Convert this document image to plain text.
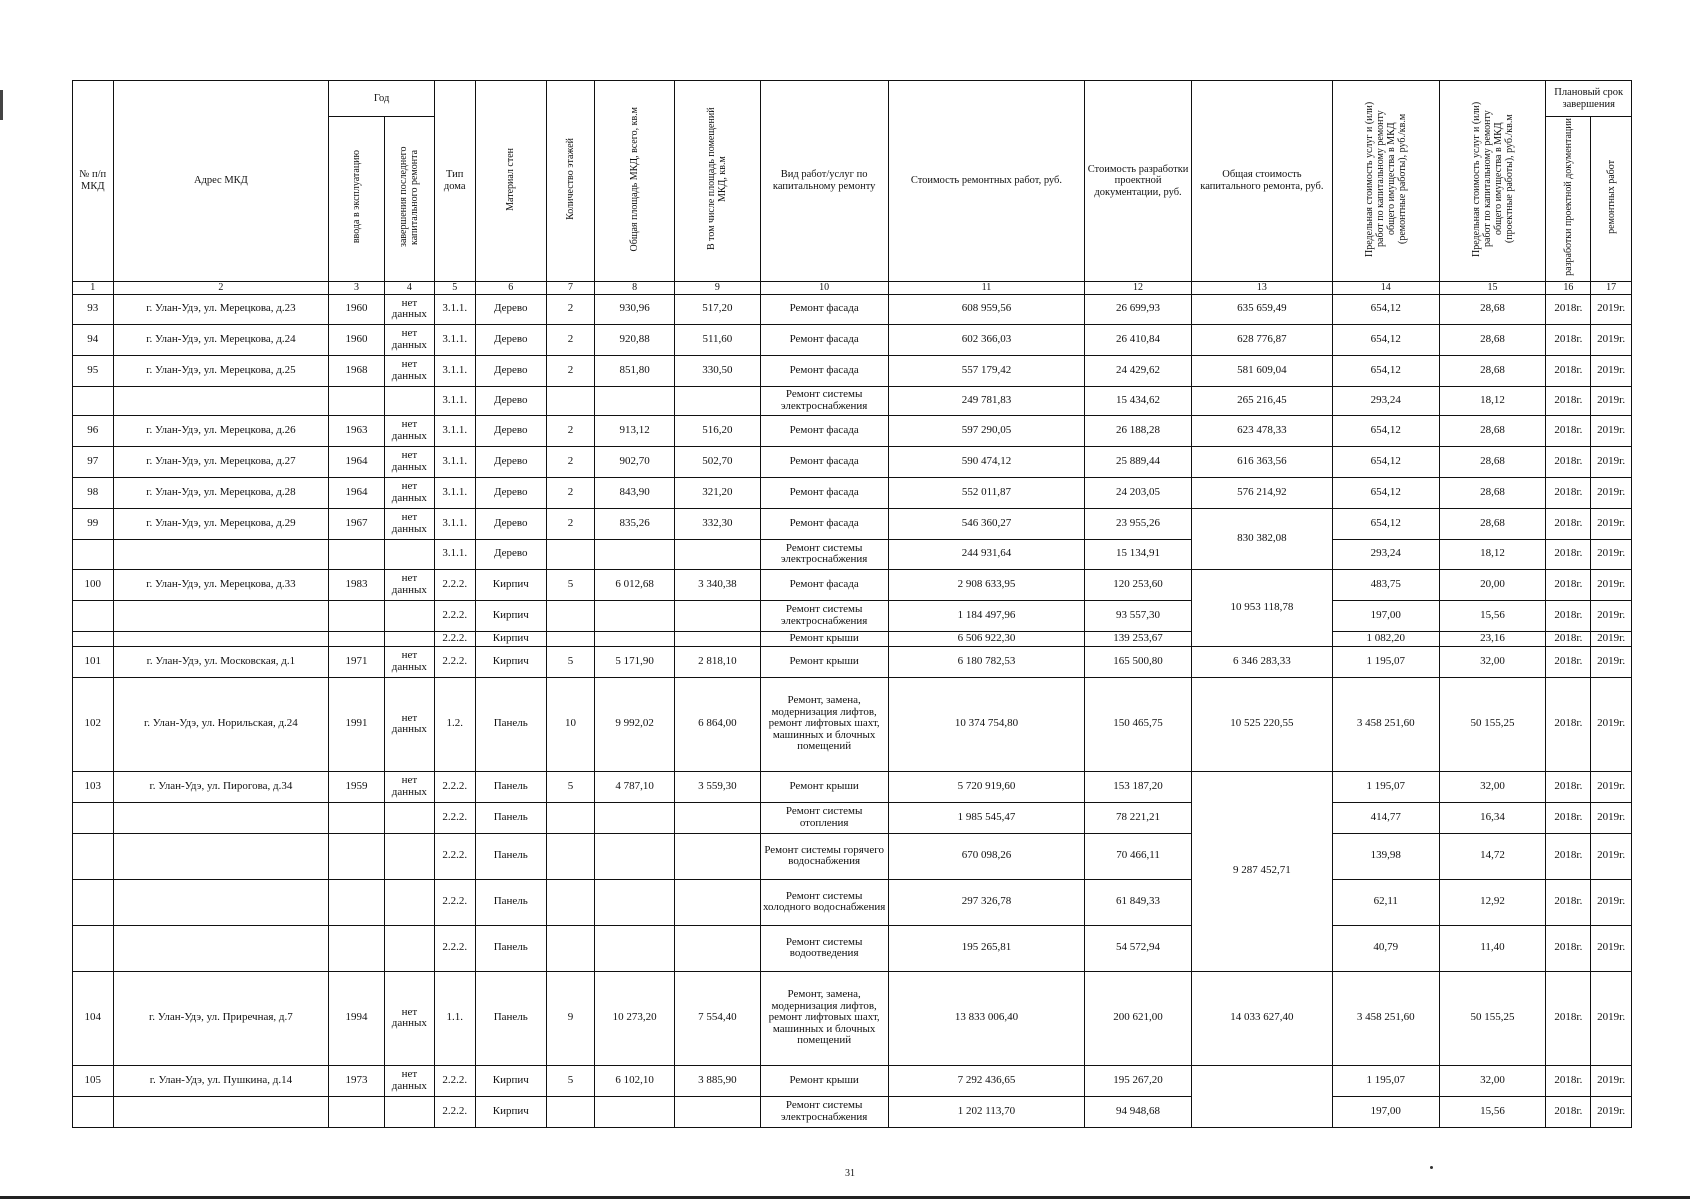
№ п/п МКД	Адрес МКД	Год		Тип дома	Материал стен	Количество этажей	Общая площадь МКД, всего, кв.м	В том числе площадь помещений МКД, кв.м	Вид работ/услуг по капитальному ремонту	Стоимость ремонтных работ, руб.	Стоимость разработки проектной документации, руб.	Общая стоимость капитального ремонта, руб.	Предельная стоимость услуг и (или) работ по капитальному ремонту общего имущества в МКД (ремонтные работы), руб./кв.м	Предельная стоимость услуг и (или) работ по капитальному ремонту общего имущества в МКД (проектные работы), руб./кв.м	Плановый срок завершения	
		ввода в эксплуатацию	завершения последнего капитального ремонта												разработки проектной документации	ремонтных работ
1	2	3	4	5	6	7	8	9	10	11	12	13	14	15	16	17
93	г. Улан-Удэ, ул. Мерецкова, д.23	1960	нет данных	3.1.1.	Дерево	2	930,96	517,20	Ремонт фасада	608 959,56	26 699,93	635 659,49	654,12	28,68	2018г.	2019г.
94	г. Улан-Удэ, ул. Мерецкова, д.24	1960	нет данных	3.1.1.	Дерево	2	920,88	511,60	Ремонт фасада	602 366,03	26 410,84	628 776,87	654,12	28,68	2018г.	2019г.
95	г. Улан-Удэ, ул. Мерецкова, д.25	1968	нет данных	3.1.1.	Дерево	2	851,80	330,50	Ремонт фасада	557 179,42	24 429,62	581 609,04	654,12	28,68	2018г.	2019г.
				3.1.1.	Дерево				Ремонт системы электроснабжения	249 781,83	15 434,62	265 216,45	293,24	18,12	2018г.	2019г.
96	г. Улан-Удэ, ул. Мерецкова, д.26	1963	нет данных	3.1.1.	Дерево	2	913,12	516,20	Ремонт фасада	597 290,05	26 188,28	623 478,33	654,12	28,68	2018г.	2019г.
97	г. Улан-Удэ, ул. Мерецкова, д.27	1964	нет данных	3.1.1.	Дерево	2	902,70	502,70	Ремонт фасада	590 474,12	25 889,44	616 363,56	654,12	28,68	2018г.	2019г.
98	г. Улан-Удэ, ул. Мерецкова, д.28	1964	нет данных	3.1.1.	Дерево	2	843,90	321,20	Ремонт фасада	552 011,87	24 203,05	576 214,92	654,12	28,68	2018г.	2019г.
99	г. Улан-Удэ, ул. Мерецкова, д.29	1967	нет данных	3.1.1.	Дерево	2	835,26	332,30	Ремонт фасада	546 360,27	23 955,26	830 382,08	654,12	28,68	2018г.	2019г.
				3.1.1.	Дерево				Ремонт системы электроснабжения	244 931,64	15 134,91		293,24	18,12	2018г.	2019г.
100	г. Улан-Удэ, ул. Мерецкова, д.33	1983	нет данных	2.2.2.	Кирпич	5	6 012,68	3 340,38	Ремонт фасада	2 908 633,95	120 253,60	10 953 118,78	483,75	20,00	2018г.	2019г.
				2.2.2.	Кирпич				Ремонт системы электроснабжения	1 184 497,96	93 557,30		197,00	15,56	2018г.	2019г.
				2.2.2.	Кирпич				Ремонт крыши	6 506 922,30	139 253,67		1 082,20	23,16	2018г.	2019г.
101	г. Улан-Удэ, ул. Московская, д.1	1971	нет данных	2.2.2.	Кирпич	5	5 171,90	2 818,10	Ремонт крыши	6 180 782,53	165 500,80	6 346 283,33	1 195,07	32,00	2018г.	2019г.
102	г. Улан-Удэ, ул. Норильская, д.24	1991	нет данных	1.2.	Панель	10	9 992,02	6 864,00	Ремонт, замена, модернизация лифтов, ремонт лифтовых шахт, машинных и блочных помещений	10 374 754,80	150 465,75	10 525 220,55	3 458 251,60	50 155,25	2018г.	2019г.
103	г. Улан-Удэ, ул. Пирогова, д.34	1959	нет данных	2.2.2.	Панель	5	4 787,10	3 559,30	Ремонт крыши	5 720 919,60	153 187,20	9 287 452,71	1 195,07	32,00	2018г.	2019г.
				2.2.2.	Панель				Ремонт системы отопления	1 985 545,47	78 221,21		414,77	16,34	2018г.	2019г.
				2.2.2.	Панель				Ремонт системы горячего водоснабжения	670 098,26	70 466,11		139,98	14,72	2018г.	2019г.
				2.2.2.	Панель				Ремонт системы холодного водоснабжения	297 326,78	61 849,33		62,11	12,92	2018г.	2019г.
				2.2.2.	Панель				Ремонт системы водоотведения	195 265,81	54 572,94		40,79	11,40	2018г.	2019г.
104	г. Улан-Удэ, ул. Приречная, д.7	1994	нет данных	1.1.	Панель	9	10 273,20	7 554,40	Ремонт, замена, модернизация лифтов, ремонт лифтовых шахт, машинных и блочных помещений	13 833 006,40	200 621,00	14 033 627,40	3 458 251,60	50 155,25	2018г.	2019г.
105	г. Улан-Удэ, ул. Пушкина, д.14	1973	нет данных	2.2.2.	Кирпич	5	6 102,10	3 885,90	Ремонт крыши	7 292 436,65	195 267,20		1 195,07	32,00	2018г.	2019г.
				2.2.2.	Кирпич				Ремонт системы электроснабжения	1 202 113,70	94 948,68		197,00	15,56	2018г.	2019г.
31
